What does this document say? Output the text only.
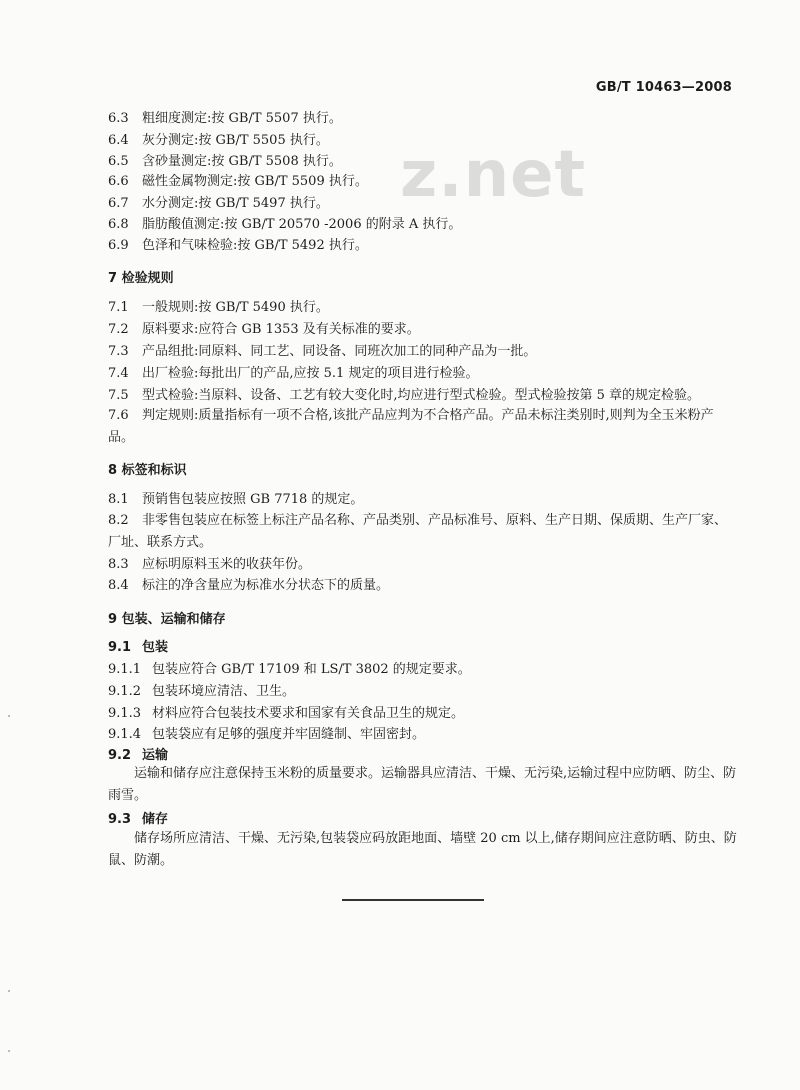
GB/T 10463—2008
z.net
6.3 粗细度测定:按 GB/T 5507 执行。
6.4 灰分测定:按 GB/T 5505 执行。
6.5 含砂量测定:按 GB/T 5508 执行。
6.6 磁性金属物测定:按 GB/T 5509 执行。
6.7 水分测定:按 GB/T 5497 执行。
6.8 脂肪酸值测定:按 GB/T 20570 -2006 的附录 A 执行。
6.9 色泽和气味检验:按 GB/T 5492 执行。
7 检验规则
7.1 一般规则:按 GB/T 5490 执行。
7.2 原料要求:应符合 GB 1353 及有关标准的要求。
7.3 产品组批:同原料、同工艺、同设备、同班次加工的同种产品为一批。
7.4 出厂检验:每批出厂的产品,应按 5.1 规定的项目进行检验。
7.5 型式检验:当原料、设备、工艺有较大变化时,均应进行型式检验。型式检验按第 5 章的规定检验。
7.6 判定规则:质量指标有一项不合格,该批产品应判为不合格产品。产品未标注类别时,则判为全玉米粉产品。
8 标签和标识
8.1 预销售包装应按照 GB 7718 的规定。
8.2 非零售包装应在标签上标注产品名称、产品类别、产品标准号、原料、生产日期、保质期、生产厂家、厂址、联系方式。
8.3 应标明原料玉米的收获年份。
8.4 标注的净含量应为标准水分状态下的质量。
9 包装、运输和储存
9.1 包装
9.1.1 包装应符合 GB/T 17109 和 LS/T 3802 的规定要求。
9.1.2 包装环境应清洁、卫生。
9.1.3 材料应符合包装技术要求和国家有关食品卫生的规定。
9.1.4 包装袋应有足够的强度并牢固缝制、牢固密封。
9.2 运输
运输和储存应注意保持玉米粉的质量要求。运输器具应清洁、干燥、无污染,运输过程中应防晒、防尘、防雨雪。
9.3 储存
储存场所应清洁、干燥、无污染,包装袋应码放距地面、墙壁 20 cm 以上,储存期间应注意防晒、防虫、防鼠、防潮。
